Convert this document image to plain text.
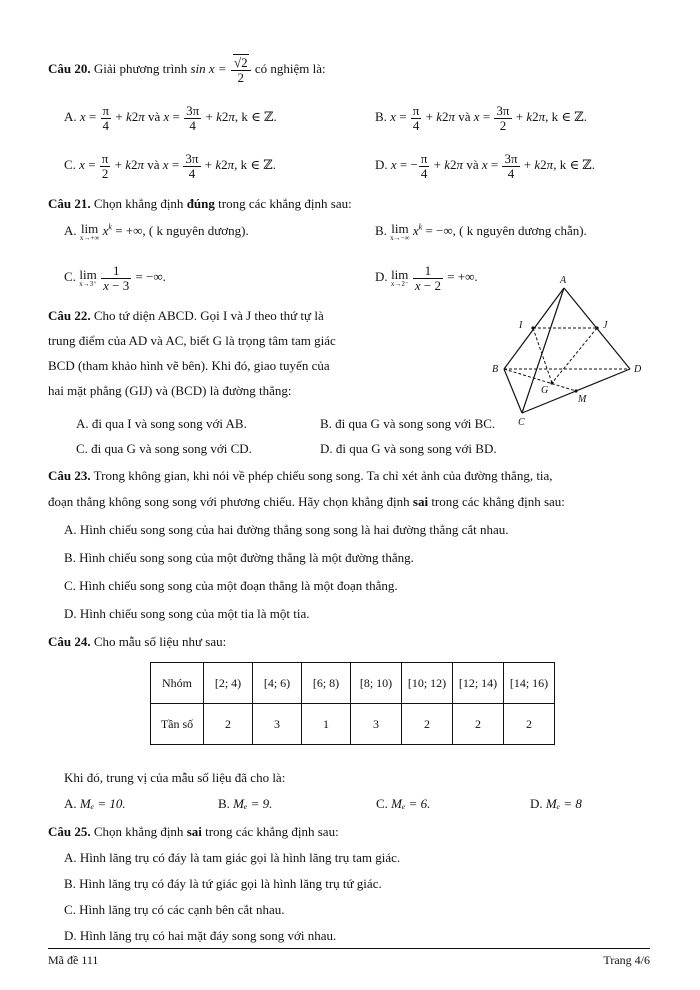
Câu 20. Giải phương trình $\sin x = \frac{√2}{2}$ có nghiệm là:
A. $x = \frac{\pi}{4} + k2\pi$ và $x = \frac{3\pi}{4} + k2\pi$, k ∈ ℤ.	B. $x = \frac{\pi}{4} + k2\pi$ và $x = \frac{3\pi}{2} + k2\pi$, k ∈ ℤ.
C. $x = \frac{\pi}{2} + k2\pi$ và $x = \frac{3\pi}{4} + k2\pi$, k ∈ ℤ.	D. x = − $\frac{\pi}{4} + k2\pi$ và $x = \frac{3\pi}{4} + k2\pi$, k ∈ ℤ.
Câu 21. Chọn khẳng định đúng trong các khẳng định sau:
A. lim
x→+∞
$x^k$ = +∞, ( k nguyên dương).	B. lim
x→−∞
$x^k$ = −∞, ( k nguyên dương chẵn).
C. lim
x→3⁺
$\frac{1}{x - 3}$ = −∞.	D. lim
x→2⁻
$\frac{1}{x - 2}$ = +∞.
Câu 22. Cho tứ diện ABCD. Gọi I và J theo thứ tự là
trung điểm của AD và AC, biết G là trọng tâm tam giác
BCD (tham khảo hình vẽ bên). Khi đó, giao tuyến của
hai mặt phẳng (GIJ) và (BCD) là đường thẳng:
A
I	J
B	D
G
M
C
A. đi qua I và song song với AB.	B. đi qua G và song song với BC.
C. đi qua G và song song với CD.	D. đi qua G và song song với BD.
Câu 23. Trong không gian, khi nói về phép chiếu song song. Ta chỉ xét ảnh của đường thẳng, tia,
đoạn thẳng không song song với phương chiếu. Hãy chọn khẳng định sai trong các khẳng định sau:
A. Hình chiếu song song của hai đường thẳng song song là hai đường thẳng cắt nhau.
B. Hình chiếu song song của một đường thẳng là một đường thẳng.
C. Hình chiếu song song của một đoạn thẳng là một đoạn thẳng.
D. Hình chiếu song song của một tia là một tia.
Câu 24. Cho mẫu số liệu như sau:
Nhóm	[2; 4)	[4; 6)	[6; 8)	[8; 10)	[10; 12)	[12; 14)	[14; 16)
Tần số	2	3	1	3	2	2	2
Khi đó, trung vị của mẫu số liệu đã cho là:
A. Mₑ = 10.	B. Mₑ = 9.	C. Mₑ = 6.	D. Mₑ = 8
Câu 25. Chọn khẳng định sai trong các khẳng định sau:
A. Hình lăng trụ có đáy là tam giác gọi là hình lăng trụ tam giác.
B. Hình lăng trụ có đáy là tứ giác gọi là hình lăng trụ tứ giác.
C. Hình lăng trụ có các cạnh bên cắt nhau.
D. Hình lăng trụ có hai mặt đáy song song với nhau.
Mã đề 111	Trang 4/6
